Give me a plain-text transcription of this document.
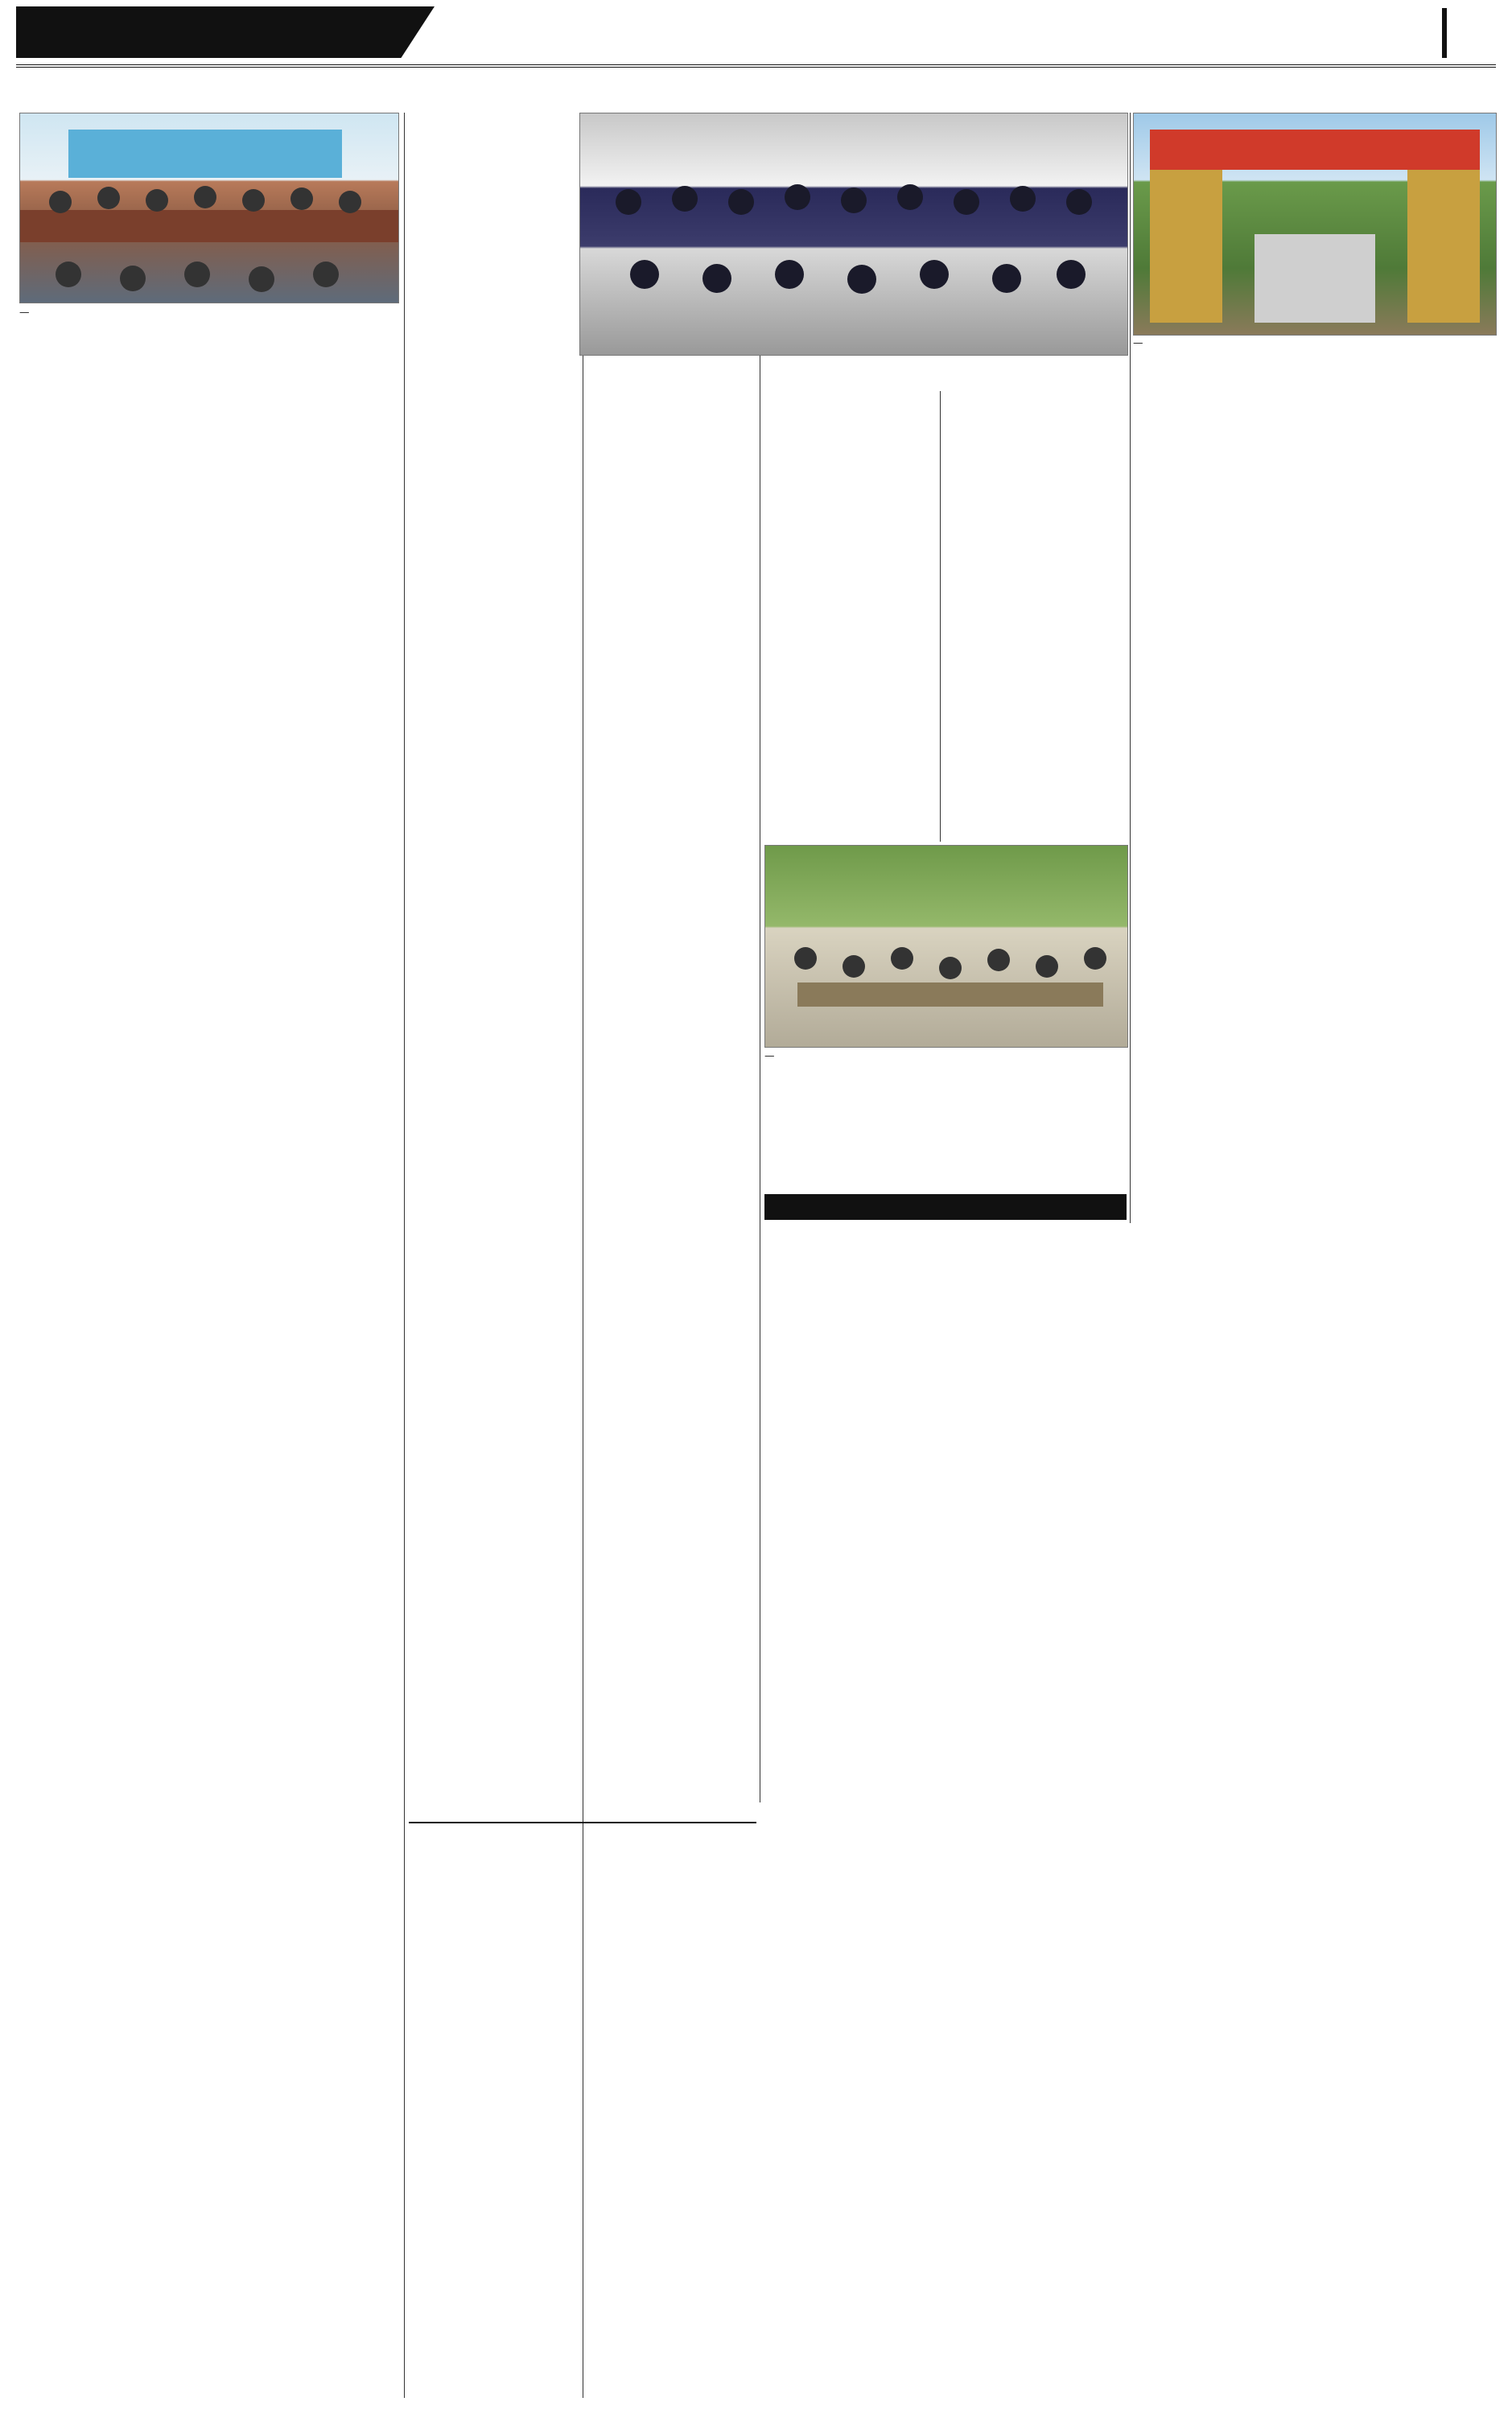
—

—

—
